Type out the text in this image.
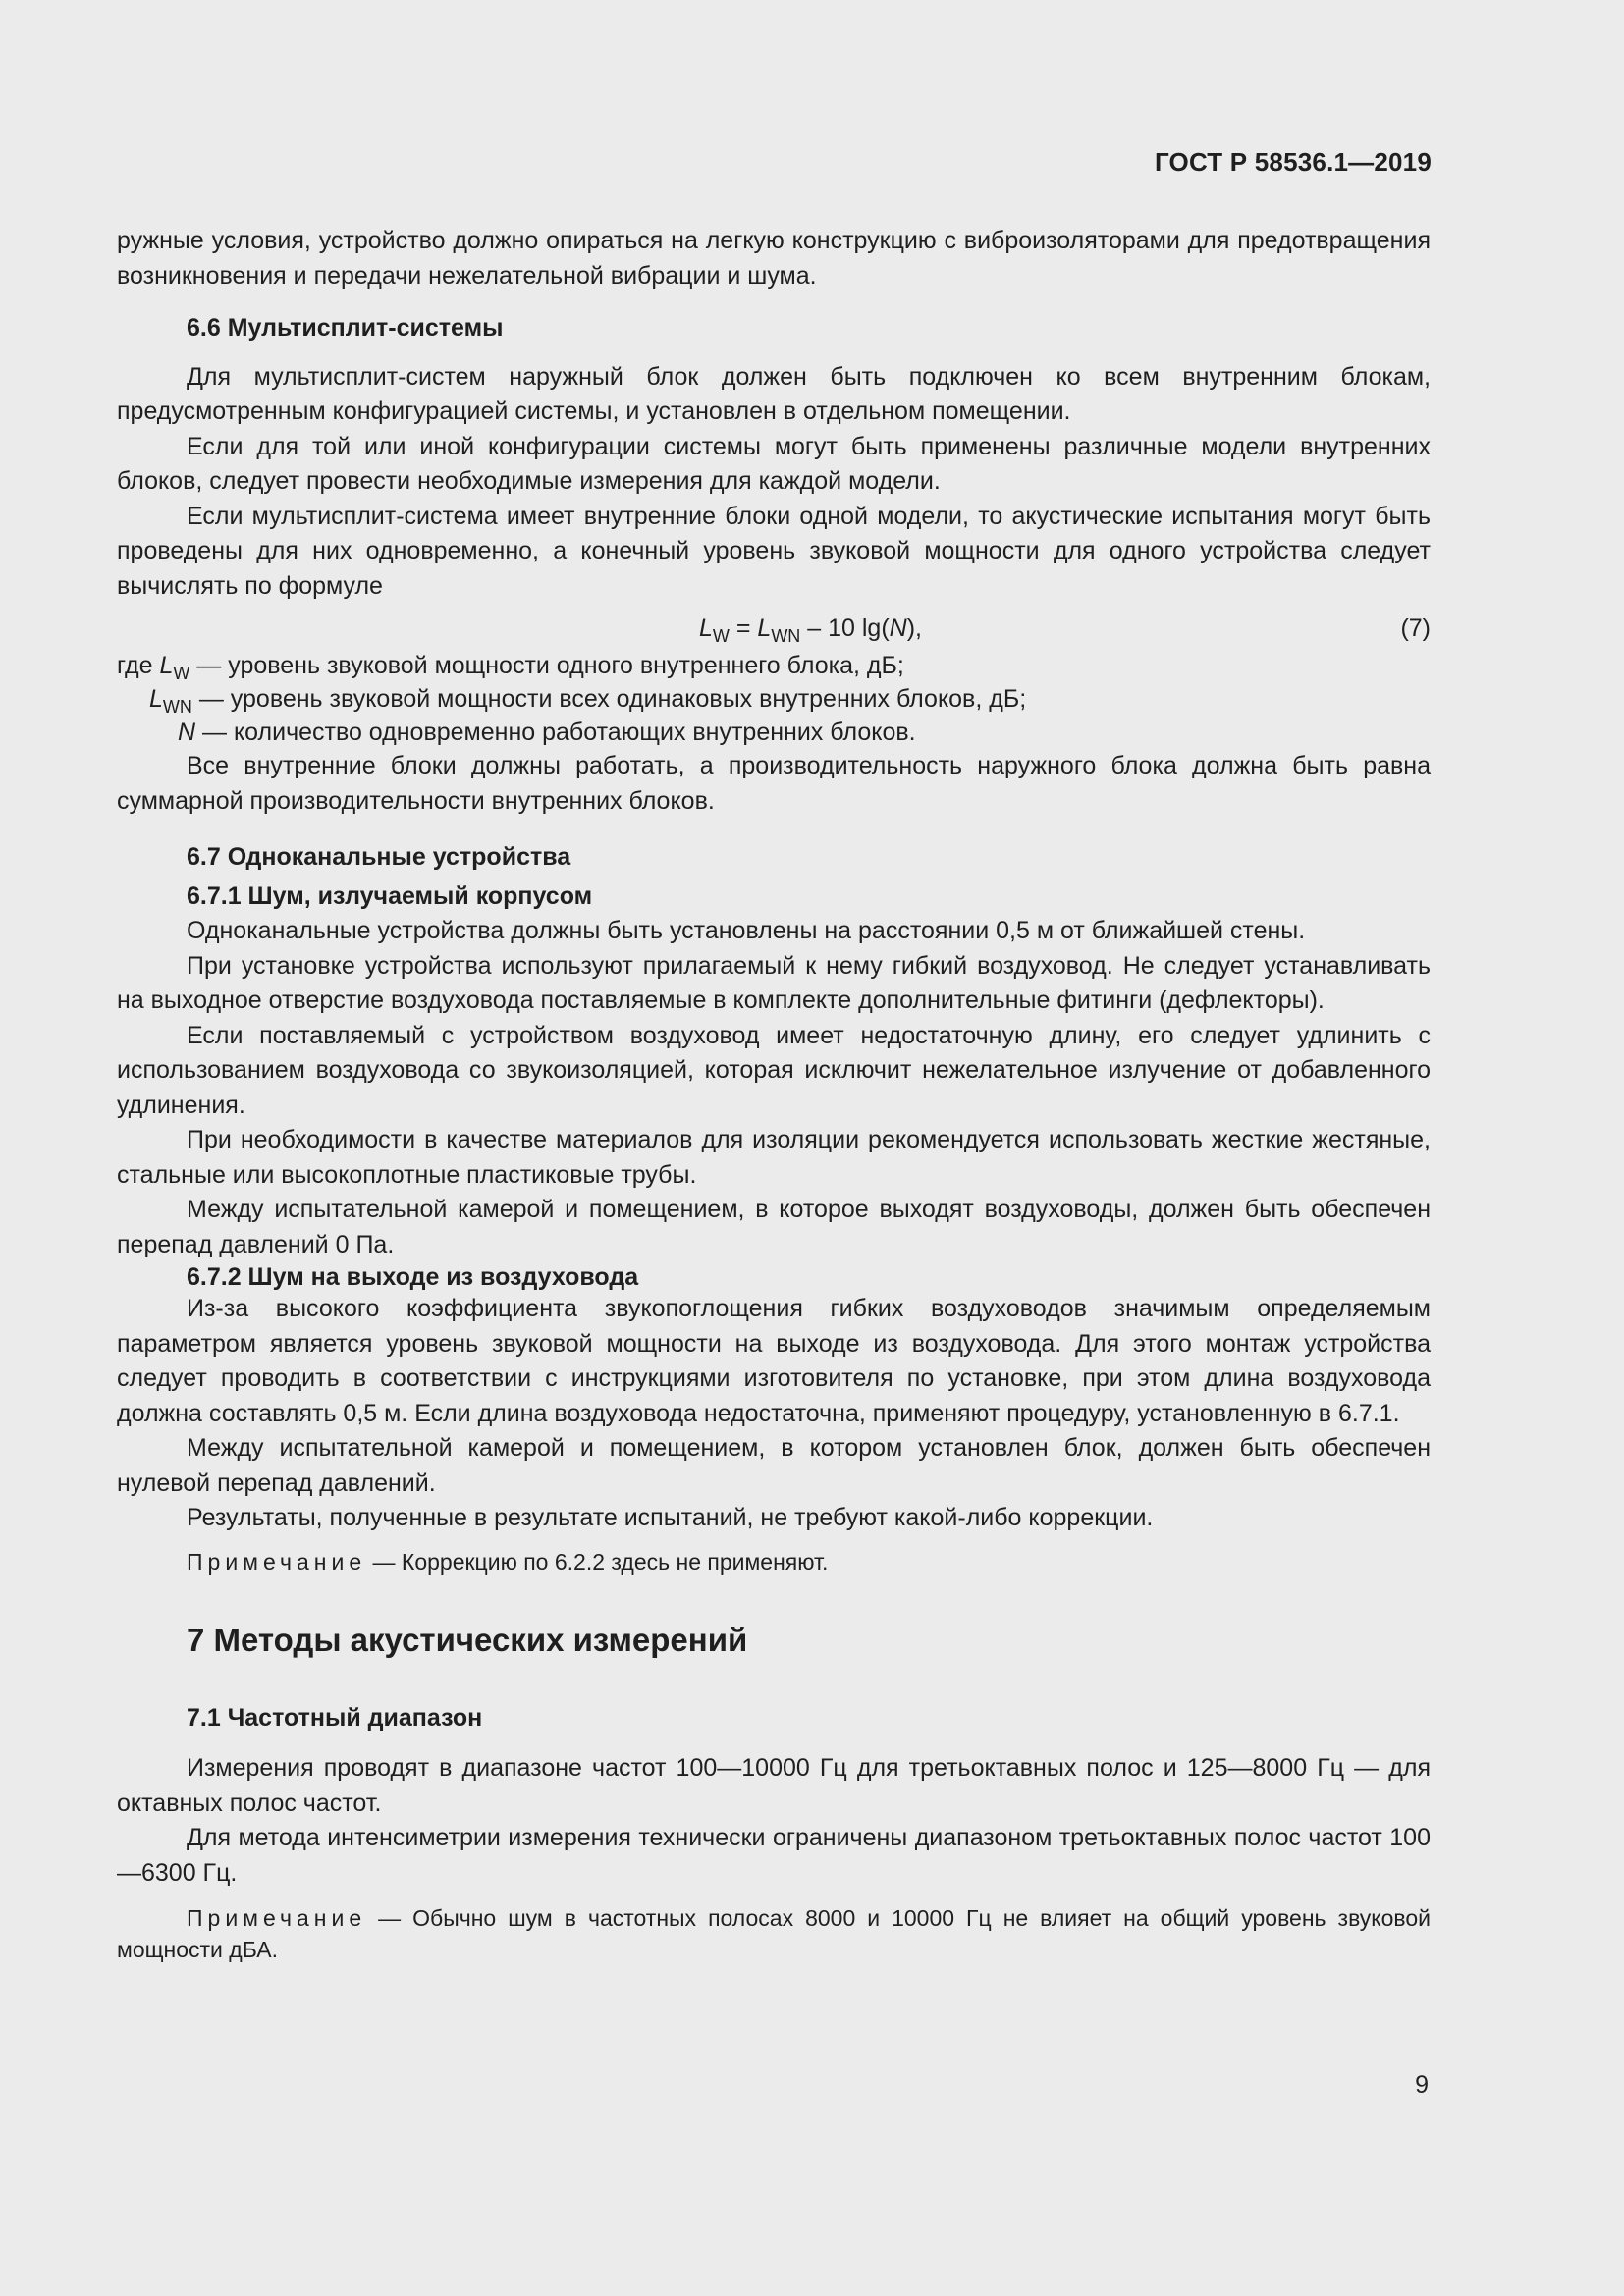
ГОСТ Р 58536.1—2019

ружные условия, устройство должно опираться на легкую конструкцию с виброизоляторами для предотвращения возникновения и передачи нежелательной вибрации и шума.

6.6 Мультисплит-системы

Для мультисплит-систем наружный блок должен быть подключен ко всем внутренним блокам, предусмотренным конфигурацией системы, и установлен в отдельном помещении.

Если для той или иной конфигурации системы могут быть применены различные модели внутренних блоков, следует провести необходимые измерения для каждой модели.

Если мультисплит-система имеет внутренние блоки одной модели, то акустические испытания могут быть проведены для них одновременно, а конечный уровень звуковой мощности для одного устройства следует вычислять по формуле

$L_W = L_{WN} - 10$ lg(N),	(7)
где $L_W$ — уровень звуковой мощности одного внутреннего блока, дБ;
$L_{WN}$ — уровень звуковой мощности всех одинаковых внутренних блоков, дБ;
N — количество одновременно работающих внутренних блоков.

Все внутренние блоки должны работать, а производительность наружного блока должна быть равна суммарной производительности внутренних блоков.

6.7 Одноканальные устройства
6.7.1 Шум, излучаемый корпусом

Одноканальные устройства должны быть установлены на расстоянии 0,5 м от ближайшей стены.

При установке устройства используют прилагаемый к нему гибкий воздуховод. Не следует устанавливать на выходное отверстие воздуховода поставляемые в комплекте дополнительные фитинги (дефлекторы).

Если поставляемый с устройством воздуховод имеет недостаточную длину, его следует удлинить с использованием воздуховода со звукоизоляцией, которая исключит нежелательное излучение от добавленного удлинения.

При необходимости в качестве материалов для изоляции рекомендуется использовать жесткие жестяные, стальные или высокоплотные пластиковые трубы.

Между испытательной камерой и помещением, в которое выходят воздуховоды, должен быть обеспечен перепад давлений 0 Па.

6.7.2 Шум на выходе из воздуховода

Из-за высокого коэффициента звукопоглощения гибких воздуховодов значимым определяемым параметром является уровень звуковой мощности на выходе из воздуховода. Для этого монтаж устройства следует проводить в соответствии с инструкциями изготовителя по установке, при этом длина воздуховода должна составлять 0,5 м. Если длина воздуховода недостаточна, применяют процедуру, установленную в 6.7.1.

Между испытательной камерой и помещением, в котором установлен блок, должен быть обеспечен нулевой перепад давлений.

Результаты, полученные в результате испытаний, не требуют какой-либо коррекции.

Примечание — Коррекцию по 6.2.2 здесь не применяют.

7 Методы акустических измерений
7.1 Частотный диапазон

Измерения проводят в диапазоне частот 100—10000 Гц для третьоктавных полос и 125—8000 Гц — для октавных полос частот.

Для метода интенсиметрии измерения технически ограничены диапазоном третьоктавных полос частот 100—6300 Гц.

Примечание — Обычно шум в частотных полосах 8000 и 10000 Гц не влияет на общий уровень звуковой мощности дБА.

9
